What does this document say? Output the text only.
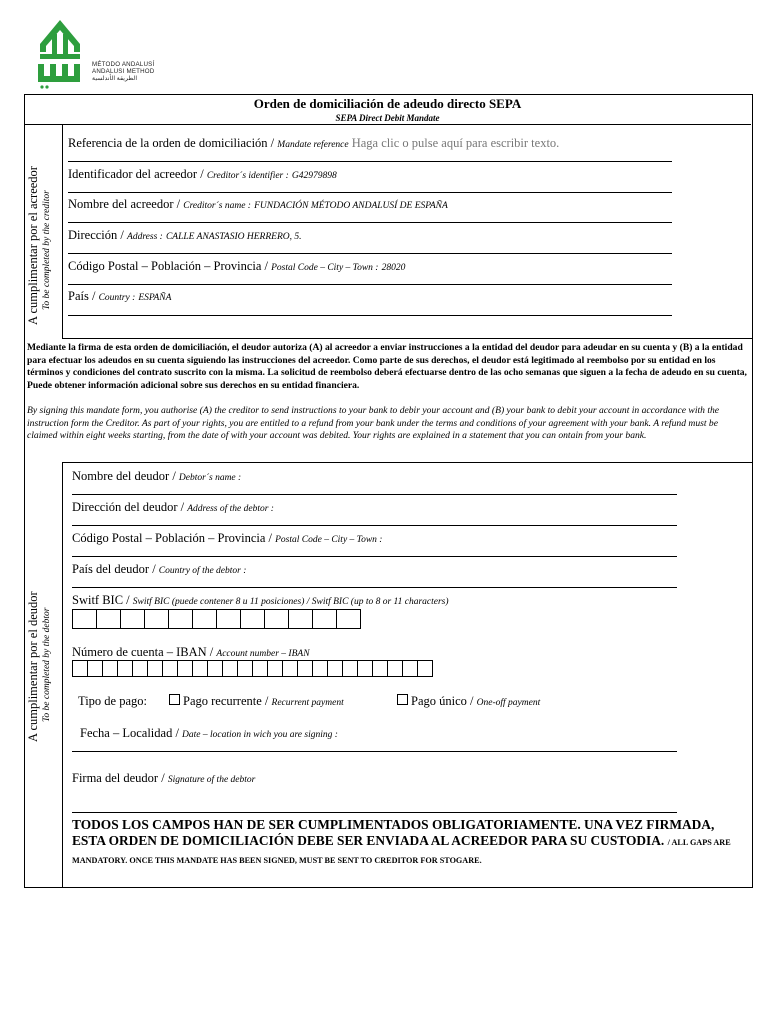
MÉTODO ANDALUSÍ
ANDALUSI METHOD
الطريقة الأندلسية
Orden de domiciliación de adeudo directo SEPA
SEPA Direct Debit Mandate
A cumplimentar por el acreedor To be completed by the creditor
Referencia de la orden de domiciliación / Mandate reference Haga clic o pulse aquí para escribir texto.
Identificador del acreedor / Creditor´s identifier : G42979898
Nombre del acreedor / Creditor´s name : FUNDACIÓN MÉTODO ANDALUSÍ DE ESPAÑA
Dirección / Address : CALLE ANASTASIO HERRERO, 5.
Código Postal – Población – Provincia / Postal Code – City – Town : 28020
País / Country : ESPAÑA
Mediante la firma de esta orden de domiciliación, el deudor autoriza (A) al acreedor a enviar instrucciones a la entidad del deudor para adeudar en su cuenta y (B) a la entidad para efectuar los adeudos en su cuenta siguiendo las instrucciones del acreedor. Como parte de sus derechos, el deudor está legitimado al reembolso por su entidad en los términos y condiciones del contrato suscrito con la misma. La solicitud de reembolso deberá efectuarse dentro de las ocho semanas que siguen a la fecha de adeudo en su cuenta, Puede obtener información adicional sobre sus derechos en su entidad financiera.
By signing this mandate form, you authorise (A) the creditor to send instructions to your bank to debir your account and (B) your bank to debit your account in accordance with the instruction form the Creditor. As part of your rights, you are entitled to a refund from your bank under the terms and conditions of your agreement with your bank. A refund must be claimed within eight weeks starting, from the date of with your account was debited. Your rights are explained in a statement that you can ontain from your bank.
A cumplimentar por el deudor To be completed by the debtor
Nombre del deudor / Debtor´s name :
Dirección del deudor / Address of the debtor :
Código Postal – Población – Provincia / Postal Code – City – Town :
País del deudor / Country of the debtor :
Switf BIC / Switf BIC (puede contener 8 u 11 posiciones) / Switf BIC (up to 8 or 11 characters)
Número de cuenta – IBAN / Account number – IBAN
Tipo de pago:	Pago recurrente / Recurrent payment	Pago único / One-off payment
Fecha – Localidad / Date – location in wich you are signing :
Firma del deudor / Signature of the debtor
TODOS LOS CAMPOS HAN DE SER CUMPLIMENTADOS OBLIGATORIAMENTE. UNA VEZ FIRMADA, ESTA ORDEN DE DOMICILIACIÓN DEBE SER ENVIADA AL ACREEDOR PARA SU CUSTODIA. / ALL GAPS ARE MANDATORY. ONCE THIS MANDATE HAS BEEN SIGNED, MUST BE SENT TO CREDITOR FOR STOGARE.
